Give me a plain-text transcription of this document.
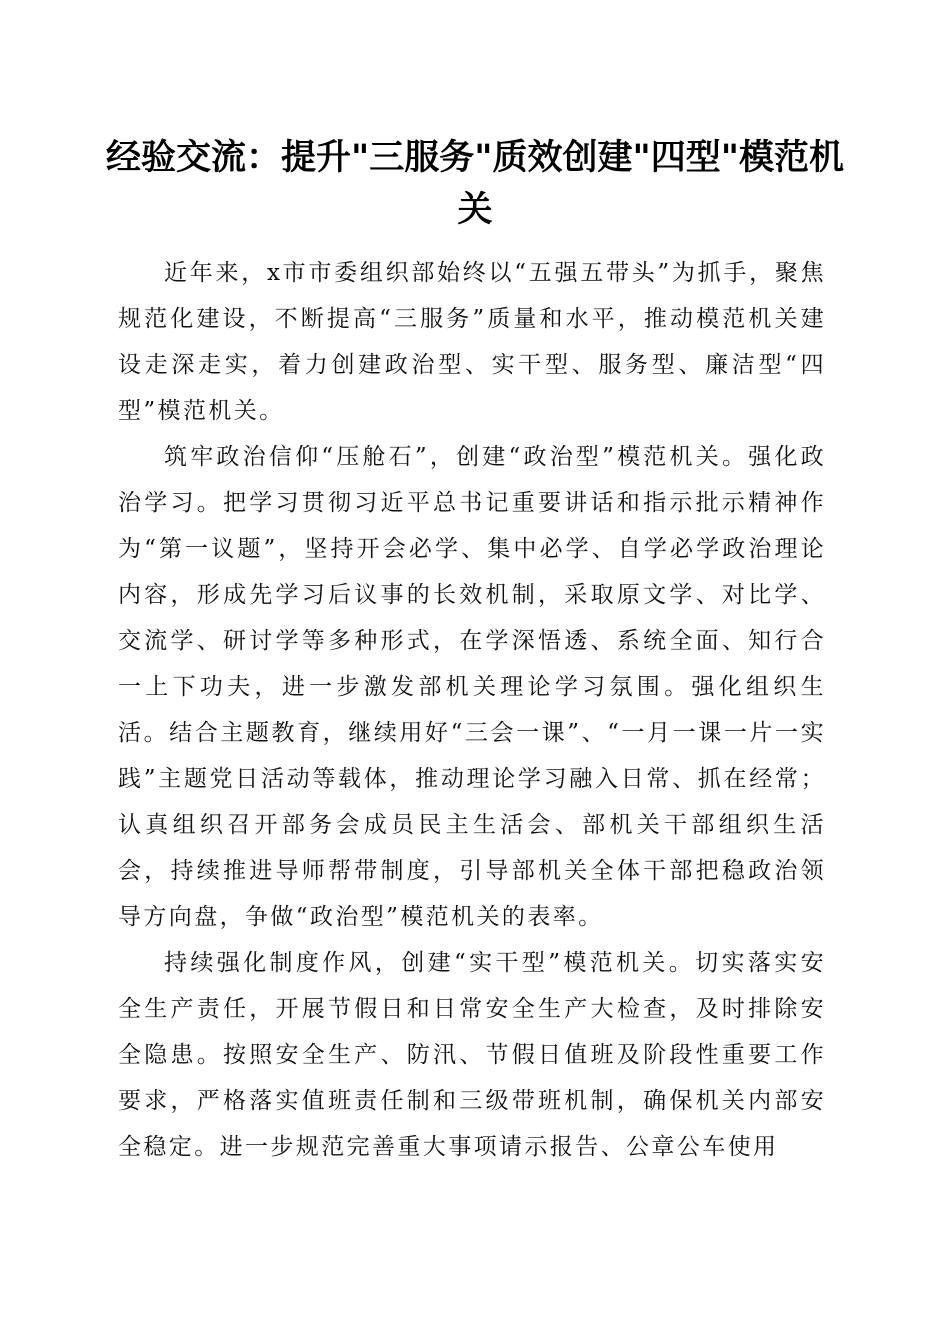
经验交流：提升"三服务"质效创建"四型"模范机关

近年来，x市市委组织部始终以“五强五带头”为抓手，聚焦规范化建设，不断提高“三服务”质量和水平，推动模范机关建设走深走实，着力创建政治型、实干型、服务型、廉洁型“四型”模范机关。

筑牢政治信仰“压舱石”，创建“政治型”模范机关。强化政治学习。把学习贯彻习近平总书记重要讲话和指示批示精神作为“第一议题”，坚持开会必学、集中必学、自学必学政治理论内容，形成先学习后议事的长效机制，采取原文学、对比学、交流学、研讨学等多种形式，在学深悟透、系统全面、知行合一上下功夫，进一步激发部机关理论学习氛围。强化组织生活。结合主题教育，继续用好“三会一课”、“一月一课一片一实践”主题党日活动等载体，推动理论学习融入日常、抓在经常；认真组织召开部务会成员民主生活会、部机关干部组织生活会，持续推进导师帮带制度，引导部机关全体干部把稳政治领导方向盘，争做“政治型”模范机关的表率。

持续强化制度作风，创建“实干型”模范机关。切实落实安全生产责任，开展节假日和日常安全生产大检查，及时排除安全隐患。按照安全生产、防汛、节假日值班及阶段性重要工作要求，严格落实值班责任制和三级带班机制，确保机关内部安全稳定。进一步规范完善重大事项请示报告、公章公车使用
